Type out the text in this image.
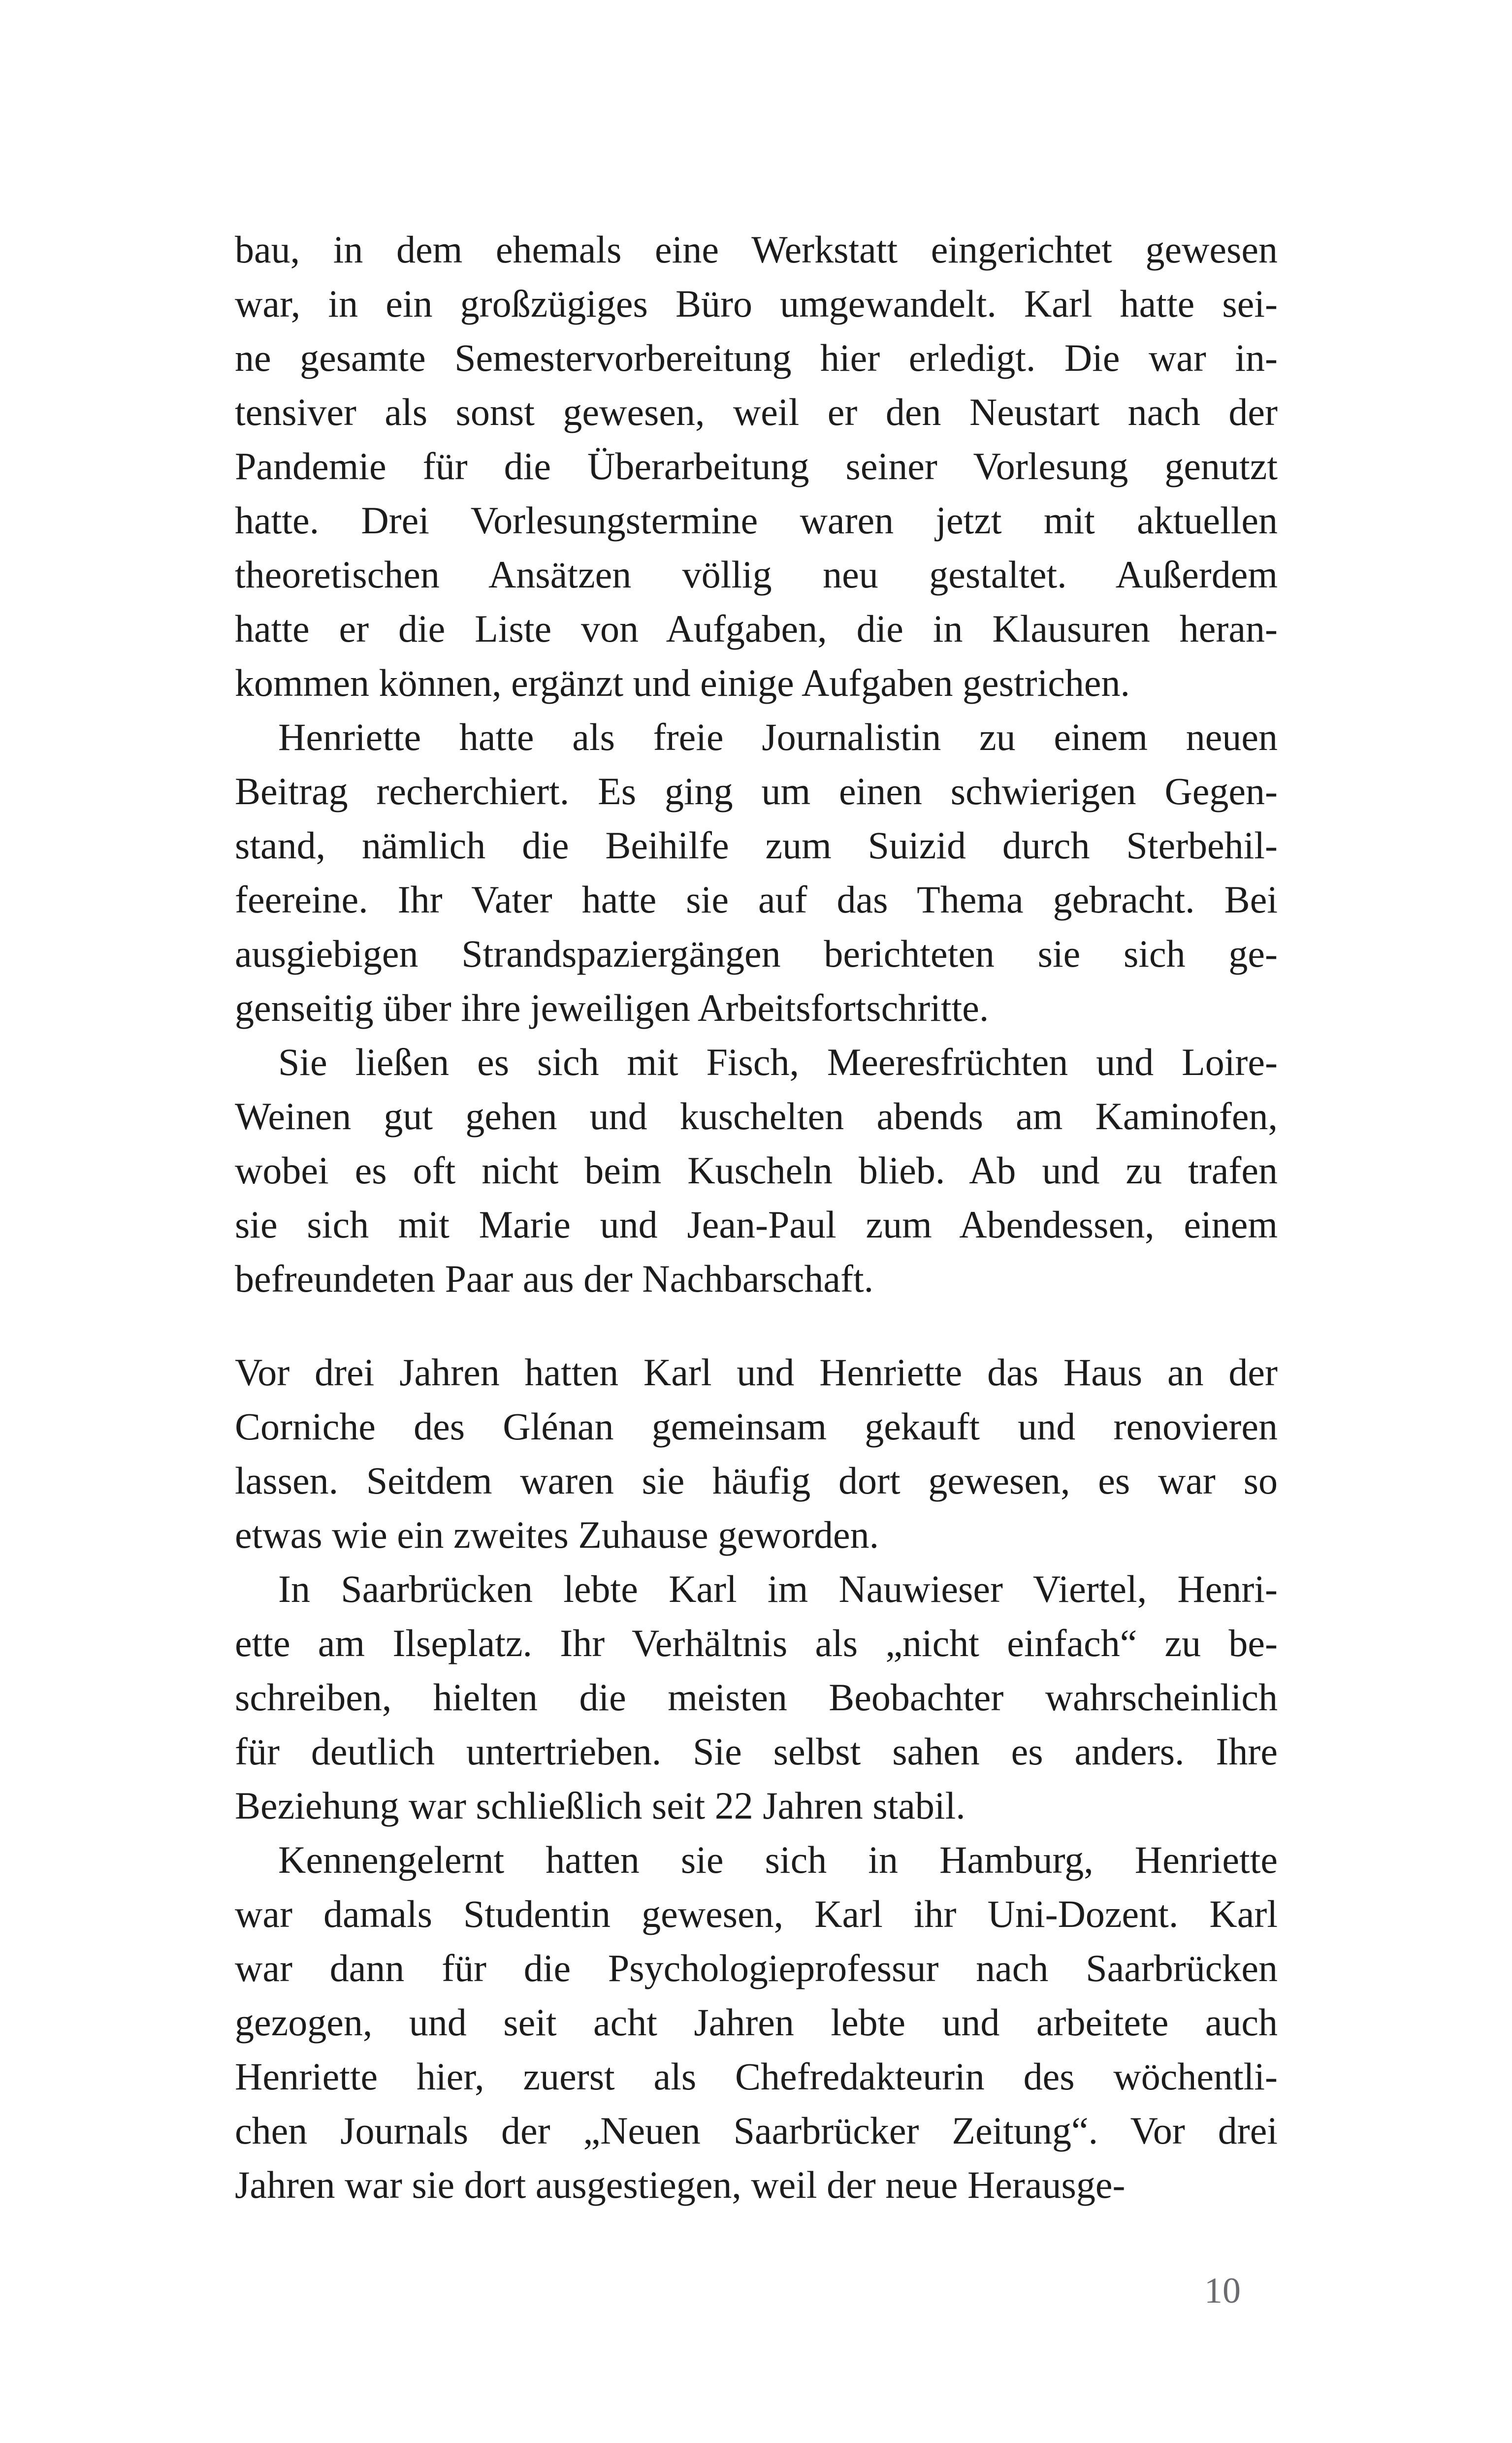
bau, in dem ehemals eine Werkstatt eingerichtet gewesen
war, in ein großzügiges Büro umgewandelt. Karl hatte sei-
ne gesamte Semestervorbereitung hier erledigt. Die war in-
tensiver als sonst gewesen, weil er den Neustart nach der
Pandemie für die Überarbeitung seiner Vorlesung genutzt
hatte. Drei Vorlesungstermine waren jetzt mit aktuellen
theoretischen Ansätzen völlig neu gestaltet. Außerdem
hatte er die Liste von Aufgaben, die in Klausuren heran-
kommen können, ergänzt und einige Aufgaben gestrichen.
Henriette hatte als freie Journalistin zu einem neuen
Beitrag recherchiert. Es ging um einen schwierigen Gegen-
stand, nämlich die Beihilfe zum Suizid durch Sterbehil-
feereine. Ihr Vater hatte sie auf das Thema gebracht. Bei
ausgiebigen Strandspaziergängen berichteten sie sich ge-
genseitig über ihre jeweiligen Arbeitsfortschritte.
Sie ließen es sich mit Fisch, Meeresfrüchten und Loire-
Weinen gut gehen und kuschelten abends am Kaminofen,
wobei es oft nicht beim Kuscheln blieb. Ab und zu trafen
sie sich mit Marie und Jean-Paul zum Abendessen, einem
befreundeten Paar aus der Nachbarschaft.
Vor drei Jahren hatten Karl und Henriette das Haus an der
Corniche des Glénan gemeinsam gekauft und renovieren
lassen. Seitdem waren sie häufig dort gewesen, es war so
etwas wie ein zweites Zuhause geworden.
In Saarbrücken lebte Karl im Nauwieser Viertel, Henri-
ette am Ilseplatz. Ihr Verhältnis als „nicht einfach“ zu be-
schreiben, hielten die meisten Beobachter wahrscheinlich
für deutlich untertrieben. Sie selbst sahen es anders. Ihre
Beziehung war schließlich seit 22 Jahren stabil.
Kennengelernt hatten sie sich in Hamburg, Henriette
war damals Studentin gewesen, Karl ihr Uni-Dozent. Karl
war dann für die Psychologieprofessur nach Saarbrücken
gezogen, und seit acht Jahren lebte und arbeitete auch
Henriette hier, zuerst als Chefredakteurin des wöchentli-
chen Journals der „Neuen Saarbrücker Zeitung“. Vor drei
Jahren war sie dort ausgestiegen, weil der neue Herausge-
10
